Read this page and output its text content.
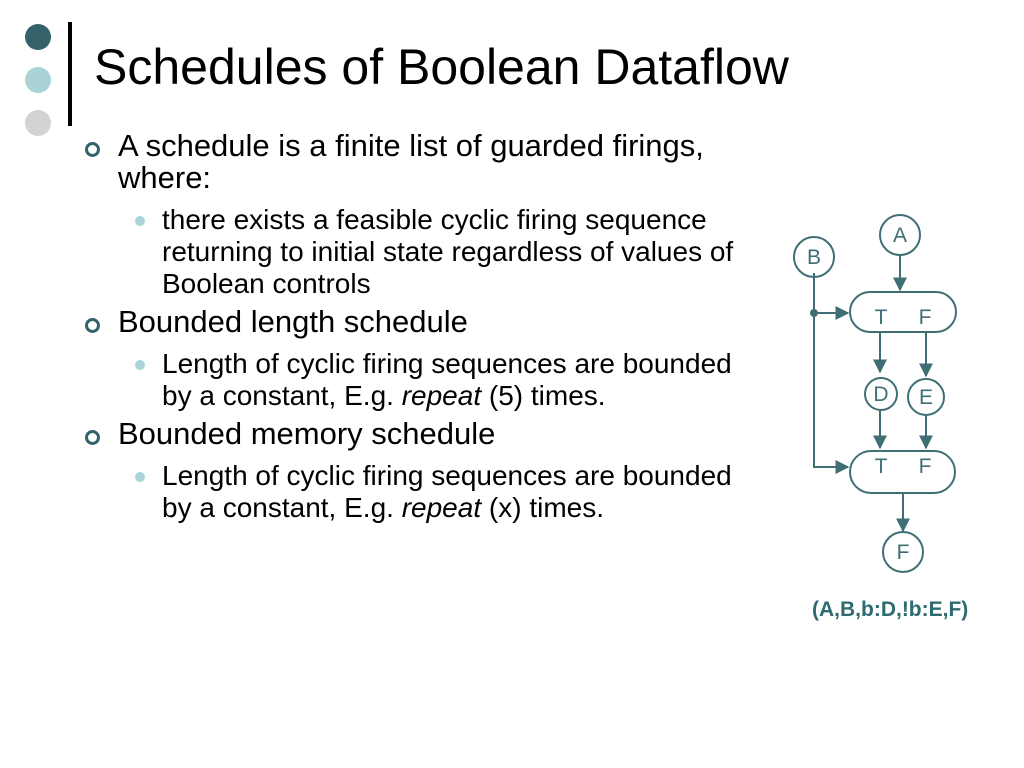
Schedules of Boolean Dataflow
A schedule is a finite list of guarded firings, where:
there exists a feasible cyclic firing sequence returning to initial state regardless of values of Boolean controls
Bounded length schedule
Length of cyclic firing sequences are bounded by a constant, E.g. repeat (5) times.
Bounded memory schedule
Length of cyclic firing sequences are bounded by a constant, E.g. repeat (x) times.
A
B
D E
F
T F
T F
(A,B,b:D,!b:E,F)
